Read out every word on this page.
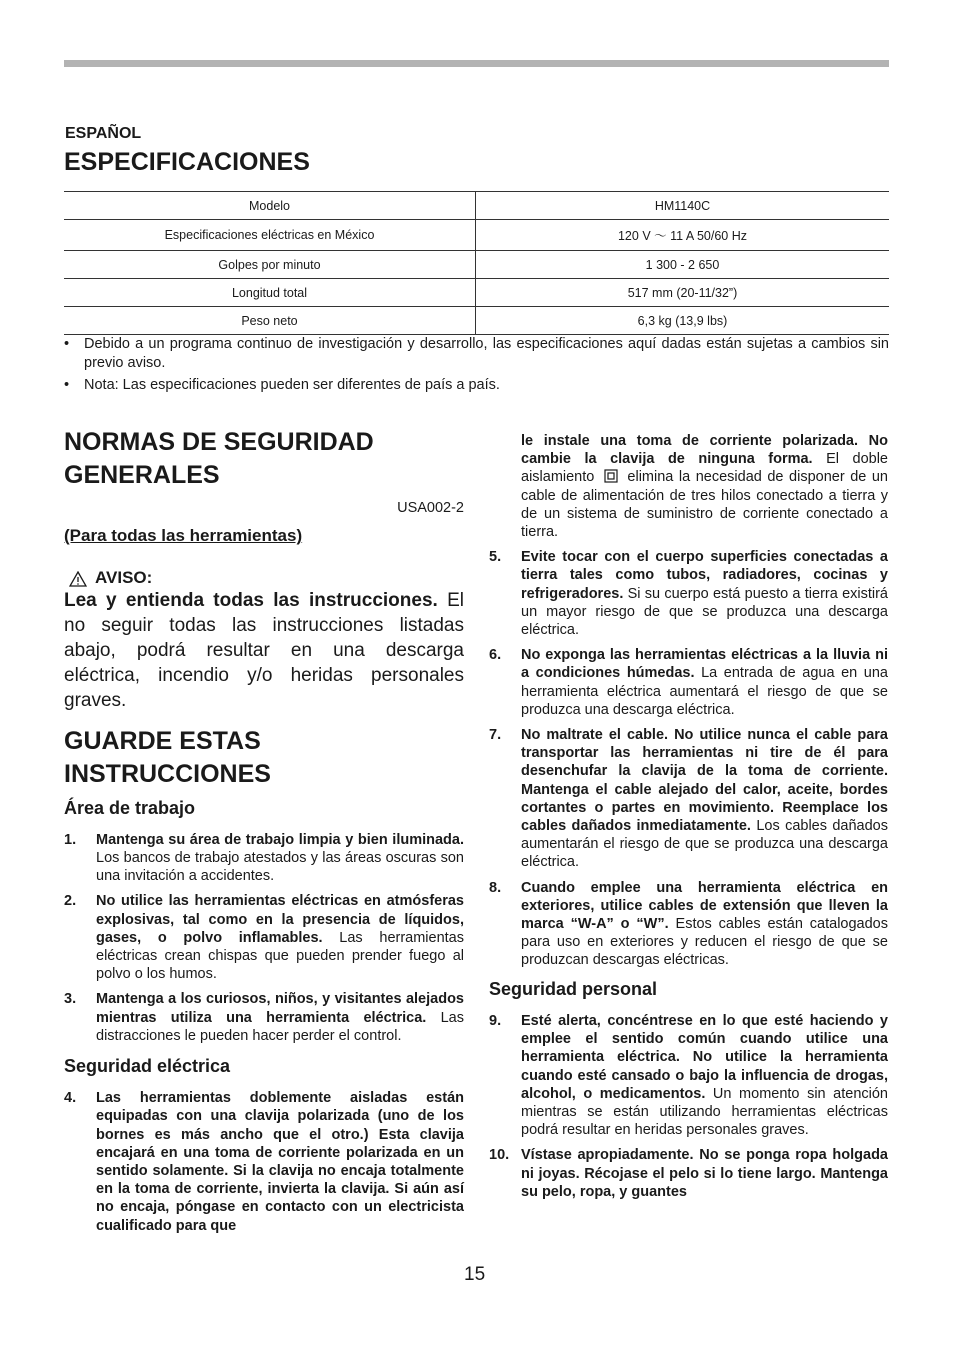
ESPAÑOL
ESPECIFICACIONES
Modelo	HM1140C
Especificaciones eléctricas en México	120 V ～ 11 A 50/60 Hz
Golpes por minuto	1 300 - 2 650
Longitud total	517 mm (20-11/32”)
Peso neto	6,3 kg (13,9 lbs)
• Debido a un programa continuo de investigación y desarrollo, las especificaciones aquí dadas están sujetas a cambios sin previo aviso.
• Nota: Las especificaciones pueden ser diferentes de país a país.
NORMAS DE SEGURIDAD GENERALES
USA002-2
(Para todas las herramientas)
AVISO:
Lea y entienda todas las instrucciones. El no seguir todas las instrucciones listadas abajo, podrá resultar en una descarga eléctrica, incendio y/o heridas personales graves.
GUARDE ESTAS INSTRUCCIONES
Área de trabajo
1. Mantenga su área de trabajo limpia y bien iluminada. Los bancos de trabajo atestados y las áreas oscuras son una invitación a accidentes.
2. No utilice las herramientas eléctricas en atmósferas explosivas, tal como en la presencia de líquidos, gases, o polvo inflamables. Las herramientas eléctricas crean chispas que pueden prender fuego al polvo o los humos.
3. Mantenga a los curiosos, niños, y visitantes alejados mientras utiliza una herramienta eléctrica. Las distracciones le pueden hacer perder el control.
Seguridad eléctrica
4. Las herramientas doblemente aisladas están equipadas con una clavija polarizada (uno de los bornes es más ancho que el otro.) Esta clavija encajará en una toma de corriente polarizada en un sentido solamente. Si la clavija no encaja totalmente en la toma de corriente, invierta la clavija. Si aún así no encaja, póngase en contacto con un electricista cualificado para que
le instale una toma de corriente polarizada. No cambie la clavija de ninguna forma. El doble aislamiento  elimina la necesidad de disponer de un cable de alimentación de tres hilos conectado a tierra y de un sistema de suministro de corriente conectado a tierra.
5. Evite tocar con el cuerpo superficies conectadas a tierra tales como tubos, radiadores, cocinas y refrigeradores. Si su cuerpo está puesto a tierra existirá un mayor riesgo de que se produzca una descarga eléctrica.
6. No exponga las herramientas eléctricas a la lluvia ni a condiciones húmedas. La entrada de agua en una herramienta eléctrica aumentará el riesgo de que se produzca una descarga eléctrica.
7. No maltrate el cable. No utilice nunca el cable para transportar las herramientas ni tire de él para desenchufar la clavija de la toma de corriente. Mantenga el cable alejado del calor, aceite, bordes cortantes o partes en movimiento. Reemplace los cables dañados inmediatamente. Los cables dañados aumentarán el riesgo de que se produzca una descarga eléctrica.
8. Cuando emplee una herramienta eléctrica en exteriores, utilice cables de extensión que lleven la marca “W-A” o “W”. Estos cables están catalogados para uso en exteriores y reducen el riesgo de que se produzcan descargas eléctricas.
Seguridad personal
9. Esté alerta, concéntrese en lo que esté haciendo y emplee el sentido común cuando utilice una herramienta eléctrica. No utilice la herramienta cuando esté cansado o bajo la influencia de drogas, alcohol, o medicamentos. Un momento sin atención mientras se están utilizando herramientas eléctricas podrá resultar en heridas personales graves.
10. Vístase apropiadamente. No se ponga ropa holgada ni joyas. Récojase el pelo si lo tiene largo. Mantenga su pelo, ropa, y guantes
15
